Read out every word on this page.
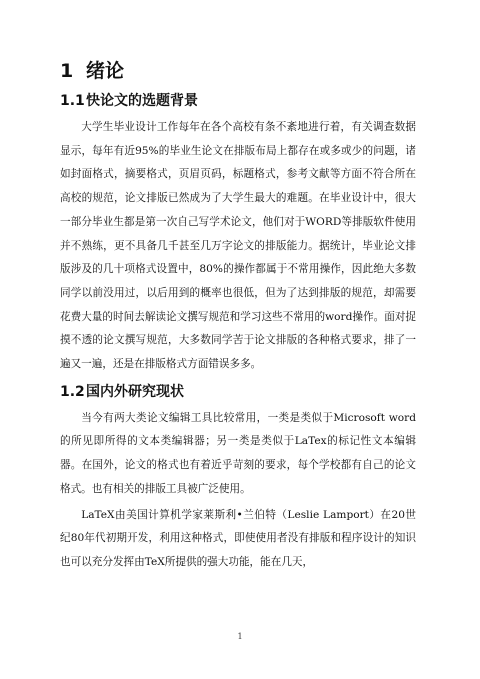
1 绪论
1.1快论文的选题背景

大学生毕业设计工作每年在各个高校有条不紊地进行着，有关调查数据显示，每年有近95%的毕业生论文在排版布局上都存在或多或少的问题，诸如封面格式，摘要格式，页眉页码，标题格式，参考文献等方面不符合所在高校的规范，论文排版已然成为了大学生最大的难题。在毕业设计中，很大一部分毕业生都是第一次自己写学术论文，他们对于WORD等排版软件使用并不熟练，更不具备几千甚至几万字论文的排版能力。据统计，毕业论文排版涉及的几十项格式设置中，80%的操作都属于不常用操作，因此绝大多数同学以前没用过，以后用到的概率也很低，但为了达到排版的规范，却需要花费大量的时间去解读论文撰写规范和学习这些不常用的word操作。面对捉摸不透的论文撰写规范，大多数同学苦于论文排版的各种格式要求，排了一遍又一遍，还是在排版格式方面错误多多。

1.2国内外研究现状

当今有两大类论文编辑工具比较常用，一类是类似于Microsoft word的所见即所得的文本类编辑器；另一类是类似于LaTex的标记性文本编辑器。在国外，论文的格式也有着近乎苛刻的要求，每个学校都有自己的论文格式。也有相关的排版工具被广泛使用。

LaTeX由美国计算机学家莱斯利•兰伯特（Leslie Lamport）在20世纪80年代初期开发，利用这种格式，即使使用者没有排版和程序设计的知识也可以充分发挥由TeX所提供的强大功能，能在几天，

1
